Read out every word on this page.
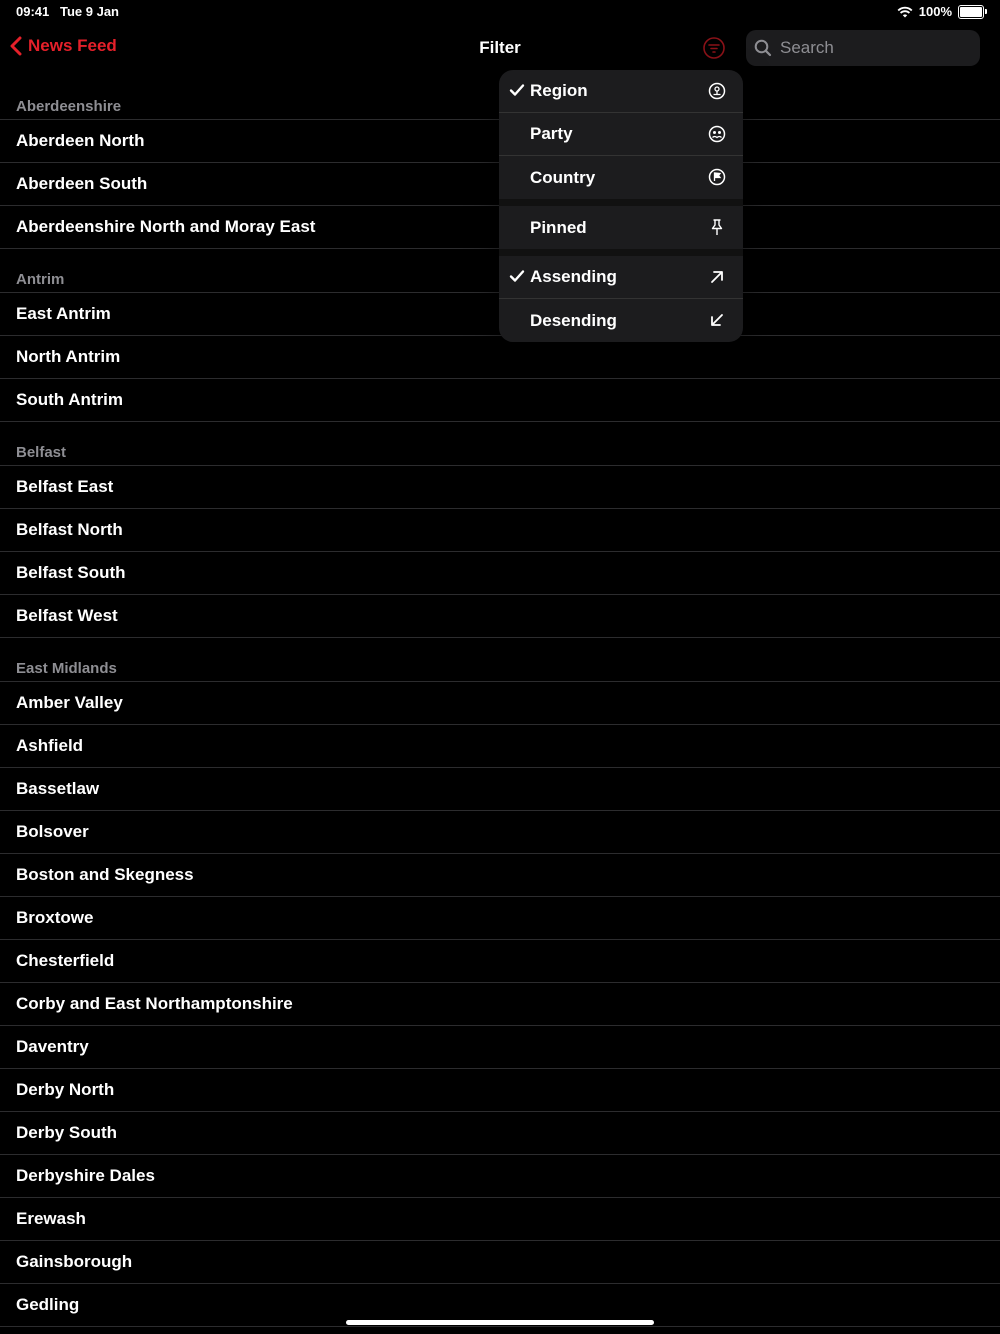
09:41 Tue 9 Jan	100%
News Feed	Filter
Search
Aberdeenshire
Aberdeen North
Aberdeen South
Aberdeenshire North and Moray East
Antrim
East Antrim
North Antrim
South Antrim
Belfast
Belfast East
Belfast North
Belfast South
Belfast West
East Midlands
Amber Valley
Ashfield
Bassetlaw
Bolsover
Boston and Skegness
Broxtowe
Chesterfield
Corby and East Northamptonshire
Daventry
Derby North
Derby South
Derbyshire Dales
Erewash
Gainsborough
Gedling
Region
Party
Country
Pinned
Assending
Desending
